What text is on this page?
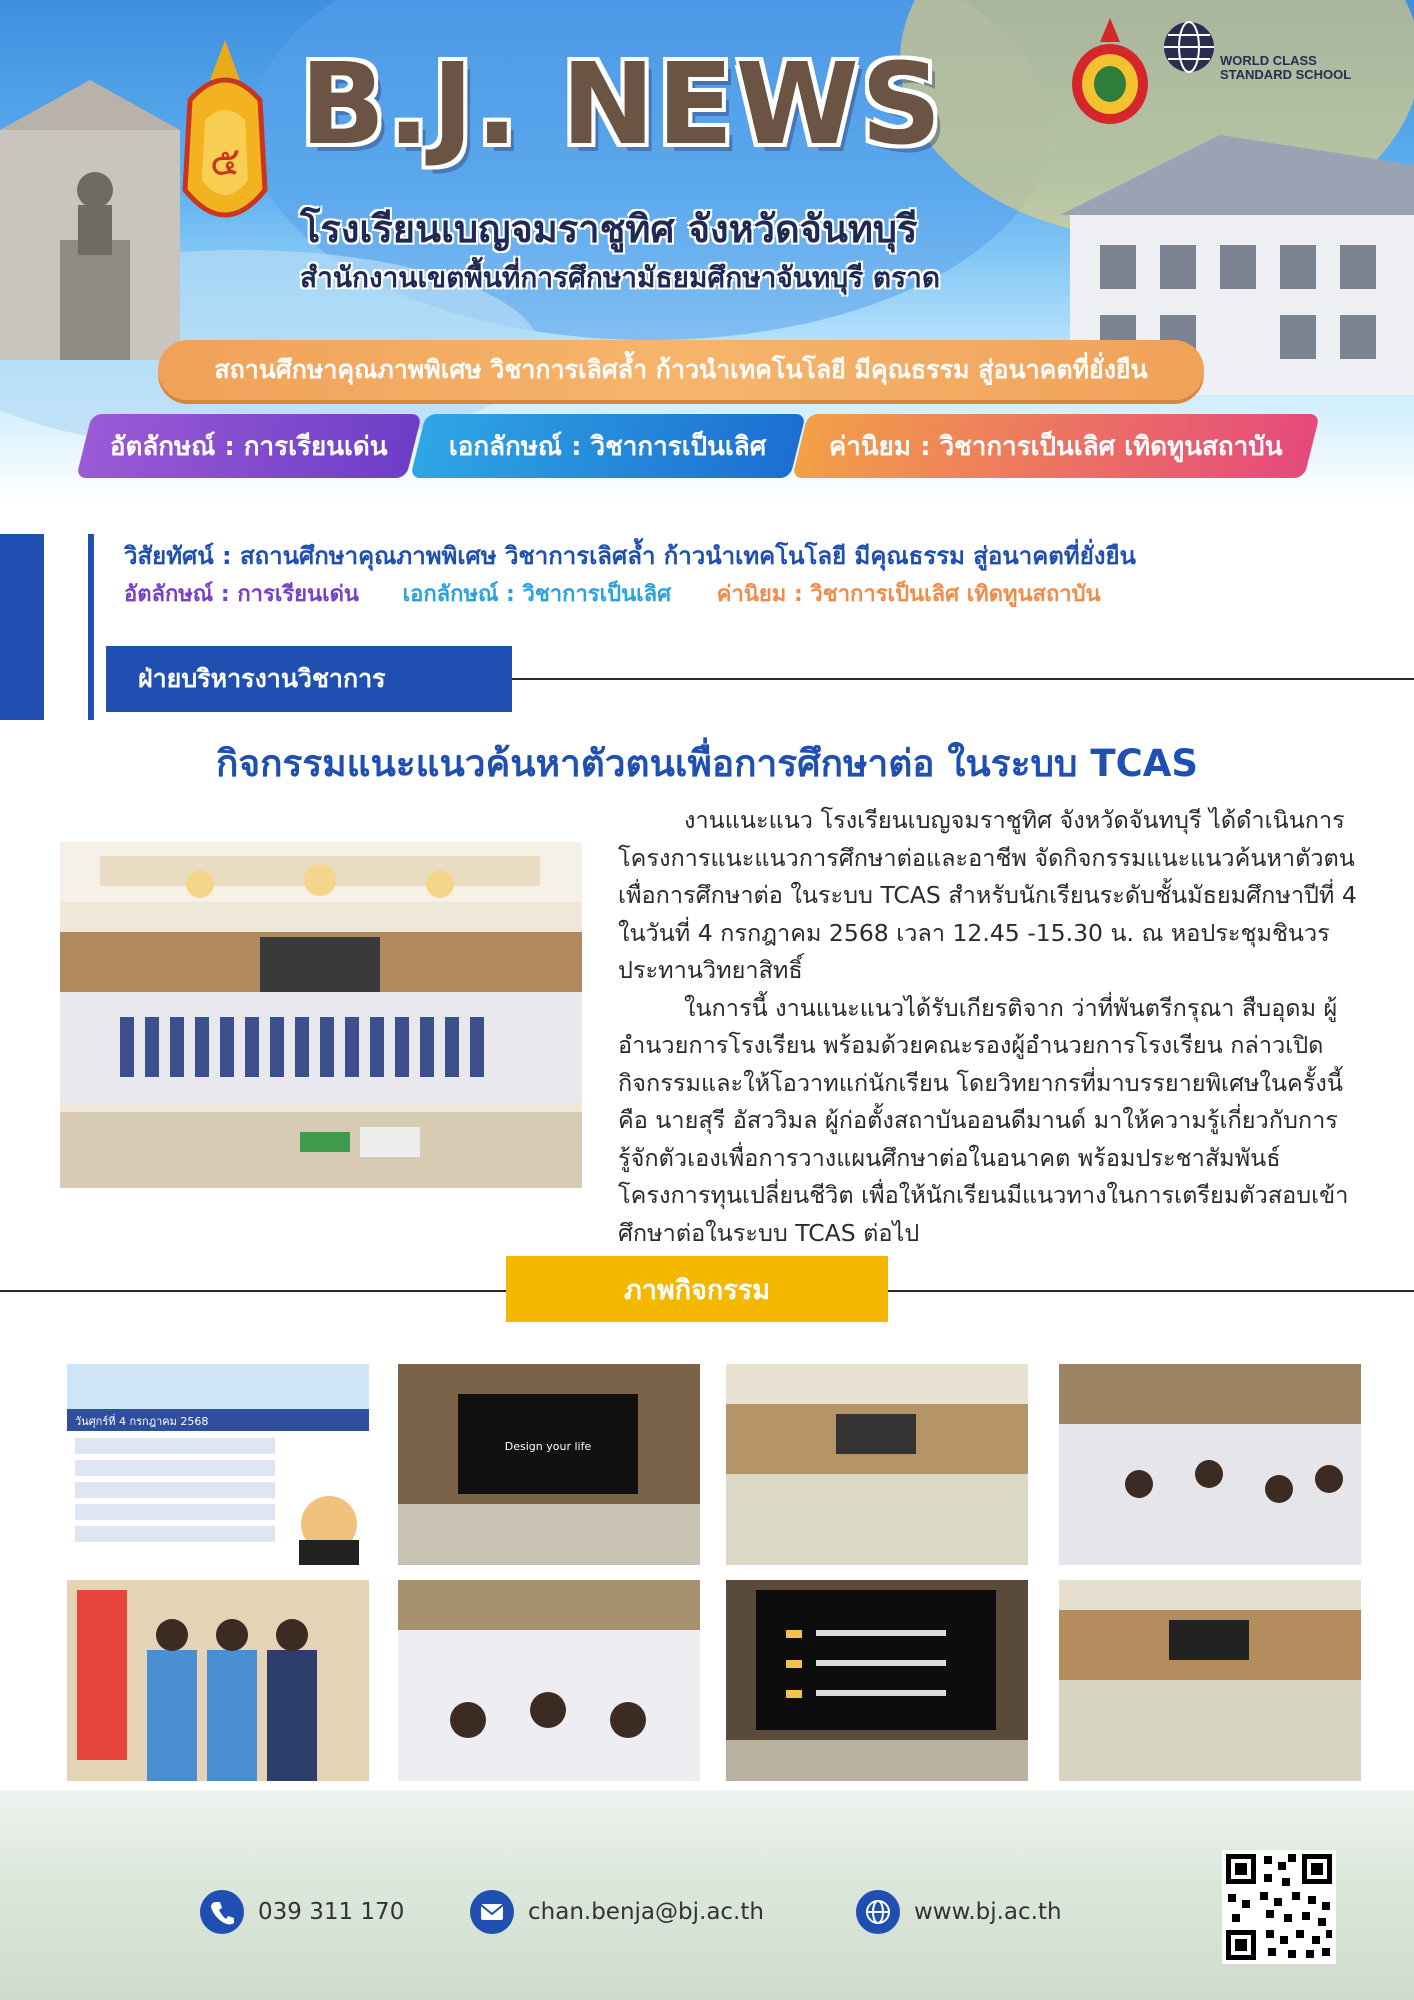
๕ B.J. NEWS
โรงเรียนเบญจมราชูทิศ จังหวัดจันทบุรี
สำนักงานเขตพื้นที่การศึกษามัธยมศึกษาจันทบุรี ตราด
WORLD CLASS
STANDARD SCHOOL
สถานศึกษาคุณภาพพิเศษ วิชาการเลิศล้ำ ก้าวนำเทคโนโลยี มีคุณธรรม สู่อนาคตที่ยั่งยืน
อัตลักษณ์ : การเรียนเด่น เอกลักษณ์ : วิชาการเป็นเลิศ ค่านิยม : วิชาการเป็นเลิศ เทิดทูนสถาบัน
วิสัยทัศน์ : สถานศึกษาคุณภาพพิเศษ วิชาการเลิศล้ำ ก้าวนำเทคโนโลยี มีคุณธรรม สู่อนาคตที่ยั่งยืน
อัตลักษณ์ : การเรียนเด่น เอกลักษณ์ : วิชาการเป็นเลิศ ค่านิยม : วิชาการเป็นเลิศ เทิดทูนสถาบัน
ฝ่ายบริหารงานวิชาการ
กิจกรรมแนะแนวค้นหาตัวตนเพื่อการศึกษาต่อ ในระบบ TCAS

งานแนะแนว โรงเรียนเบญจมราชูทิศ จังหวัดจันทบุรี ได้ดำเนินการโครงการแนะแนวการศึกษาต่อและอาชีพ จัดกิจกรรมแนะแนวค้นหาตัวตนเพื่อการศึกษาต่อ ในระบบ TCAS สำหรับนักเรียนระดับชั้นมัธยมศึกษาปีที่ 4 ในวันที่ 4 กรกฎาคม 2568 เวลา 12.45 -15.30 น. ณ หอประชุมชินวรประทานวิทยาสิทธิ์

ในการนี้ งานแนะแนวได้รับเกียรติจาก ว่าที่พันตรีกรุณา สืบอุดม ผู้อำนวยการโรงเรียน พร้อมด้วยคณะรองผู้อำนวยการโรงเรียน กล่าวเปิดกิจกรรมและให้โอวาทแก่นักเรียน โดยวิทยากรที่มาบรรยายพิเศษในครั้งนี้ คือ นายสุรี อัสววิมล ผู้ก่อตั้งสถาบันออนดีมานด์ มาให้ความรู้เกี่ยวกับการรู้จักตัวเองเพื่อการวางแผนศึกษาต่อในอนาคต พร้อมประชาสัมพันธ์โครงการทุนเปลี่ยนชีวิต เพื่อให้นักเรียนมีแนวทางในการเตรียมตัวสอบเข้าศึกษาต่อในระบบ TCAS ต่อไป

ภาพกิจกรรม
วันศุกร์ที่ 4 กรกฎาคม 2568
Design your life
039 311 170	chan.benja@bj.ac.th	www.bj.ac.th
